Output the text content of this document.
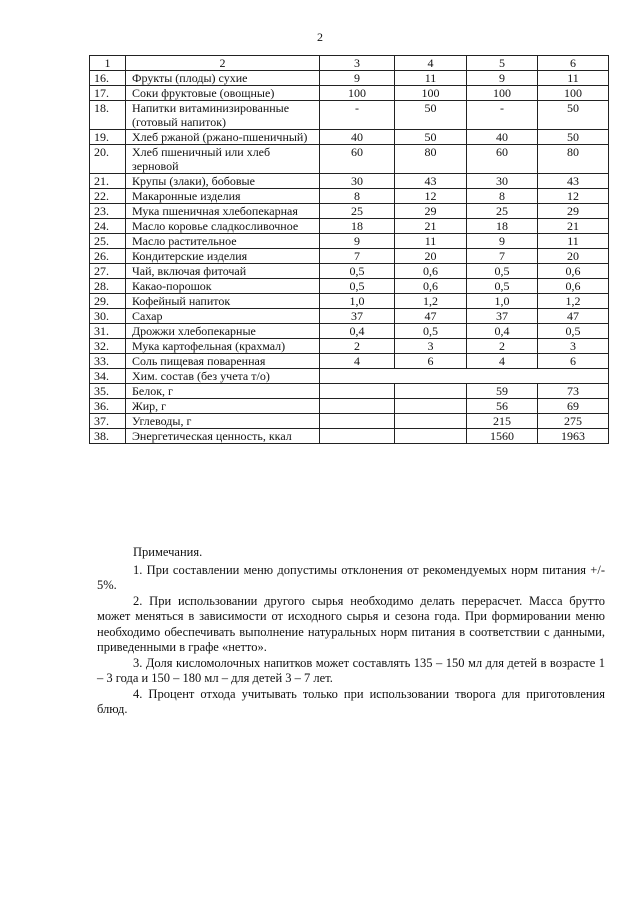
2
1	2	3	4	5	6
16.	Фрукты (плоды) сухие	9	11	9	11
17.	Соки фруктовые (овощные)	100	100	100	100
18.	Напитки витаминизированные (готовый напиток)	-	50	-	50
19.	Хлеб ржаной (ржано-пшеничный)	40	50	40	50
20.	Хлеб пшеничный или хлеб зерновой	60	80	60	80
21.	Крупы (злаки), бобовые	30	43	30	43
22.	Макаронные изделия	8	12	8	12
23.	Мука пшеничная хлебопекарная	25	29	25	29
24.	Масло коровье сладкосливочное	18	21	18	21
25.	Масло растительное	9	11	9	11
26.	Кондитерские изделия	7	20	7	20
27.	Чай, включая фиточай	0,5	0,6	0,5	0,6
28.	Какао-порошок	0,5	0,6	0,5	0,6
29.	Кофейный напиток	1,0	1,2	1,0	1,2
30.	Сахар	37	47	37	47
31.	Дрожжи хлебопекарные	0,4	0,5	0,4	0,5
32.	Мука картофельная (крахмал)	2	3	2	3
33.	Соль пищевая поваренная	4	6	4	6
34.	Хим. состав (без учета т/о)				
35.	Белок, г			59	73
36.	Жир, г			56	69
37.	Углеводы, г			215	275
38.	Энергетическая ценность, ккал			1560	1963

Примечания.

1. При составлении меню допустимы отклонения от рекомендуемых норм питания +/- 5%.

2. При использовании другого сырья необходимо делать перерасчет. Масса брутто может меняться в зависимости от исходного сырья и сезона года. При формировании меню необходимо обеспечивать выполнение натуральных норм питания в соответствии с данными, приведенными в графе «нетто».

3. Доля кисломолочных напитков может составлять 135 – 150 мл для детей в возрасте 1 – 3 года и 150 – 180 мл – для детей 3 – 7 лет.

4. Процент отхода учитывать только при использовании творога для приготовления блюд.
